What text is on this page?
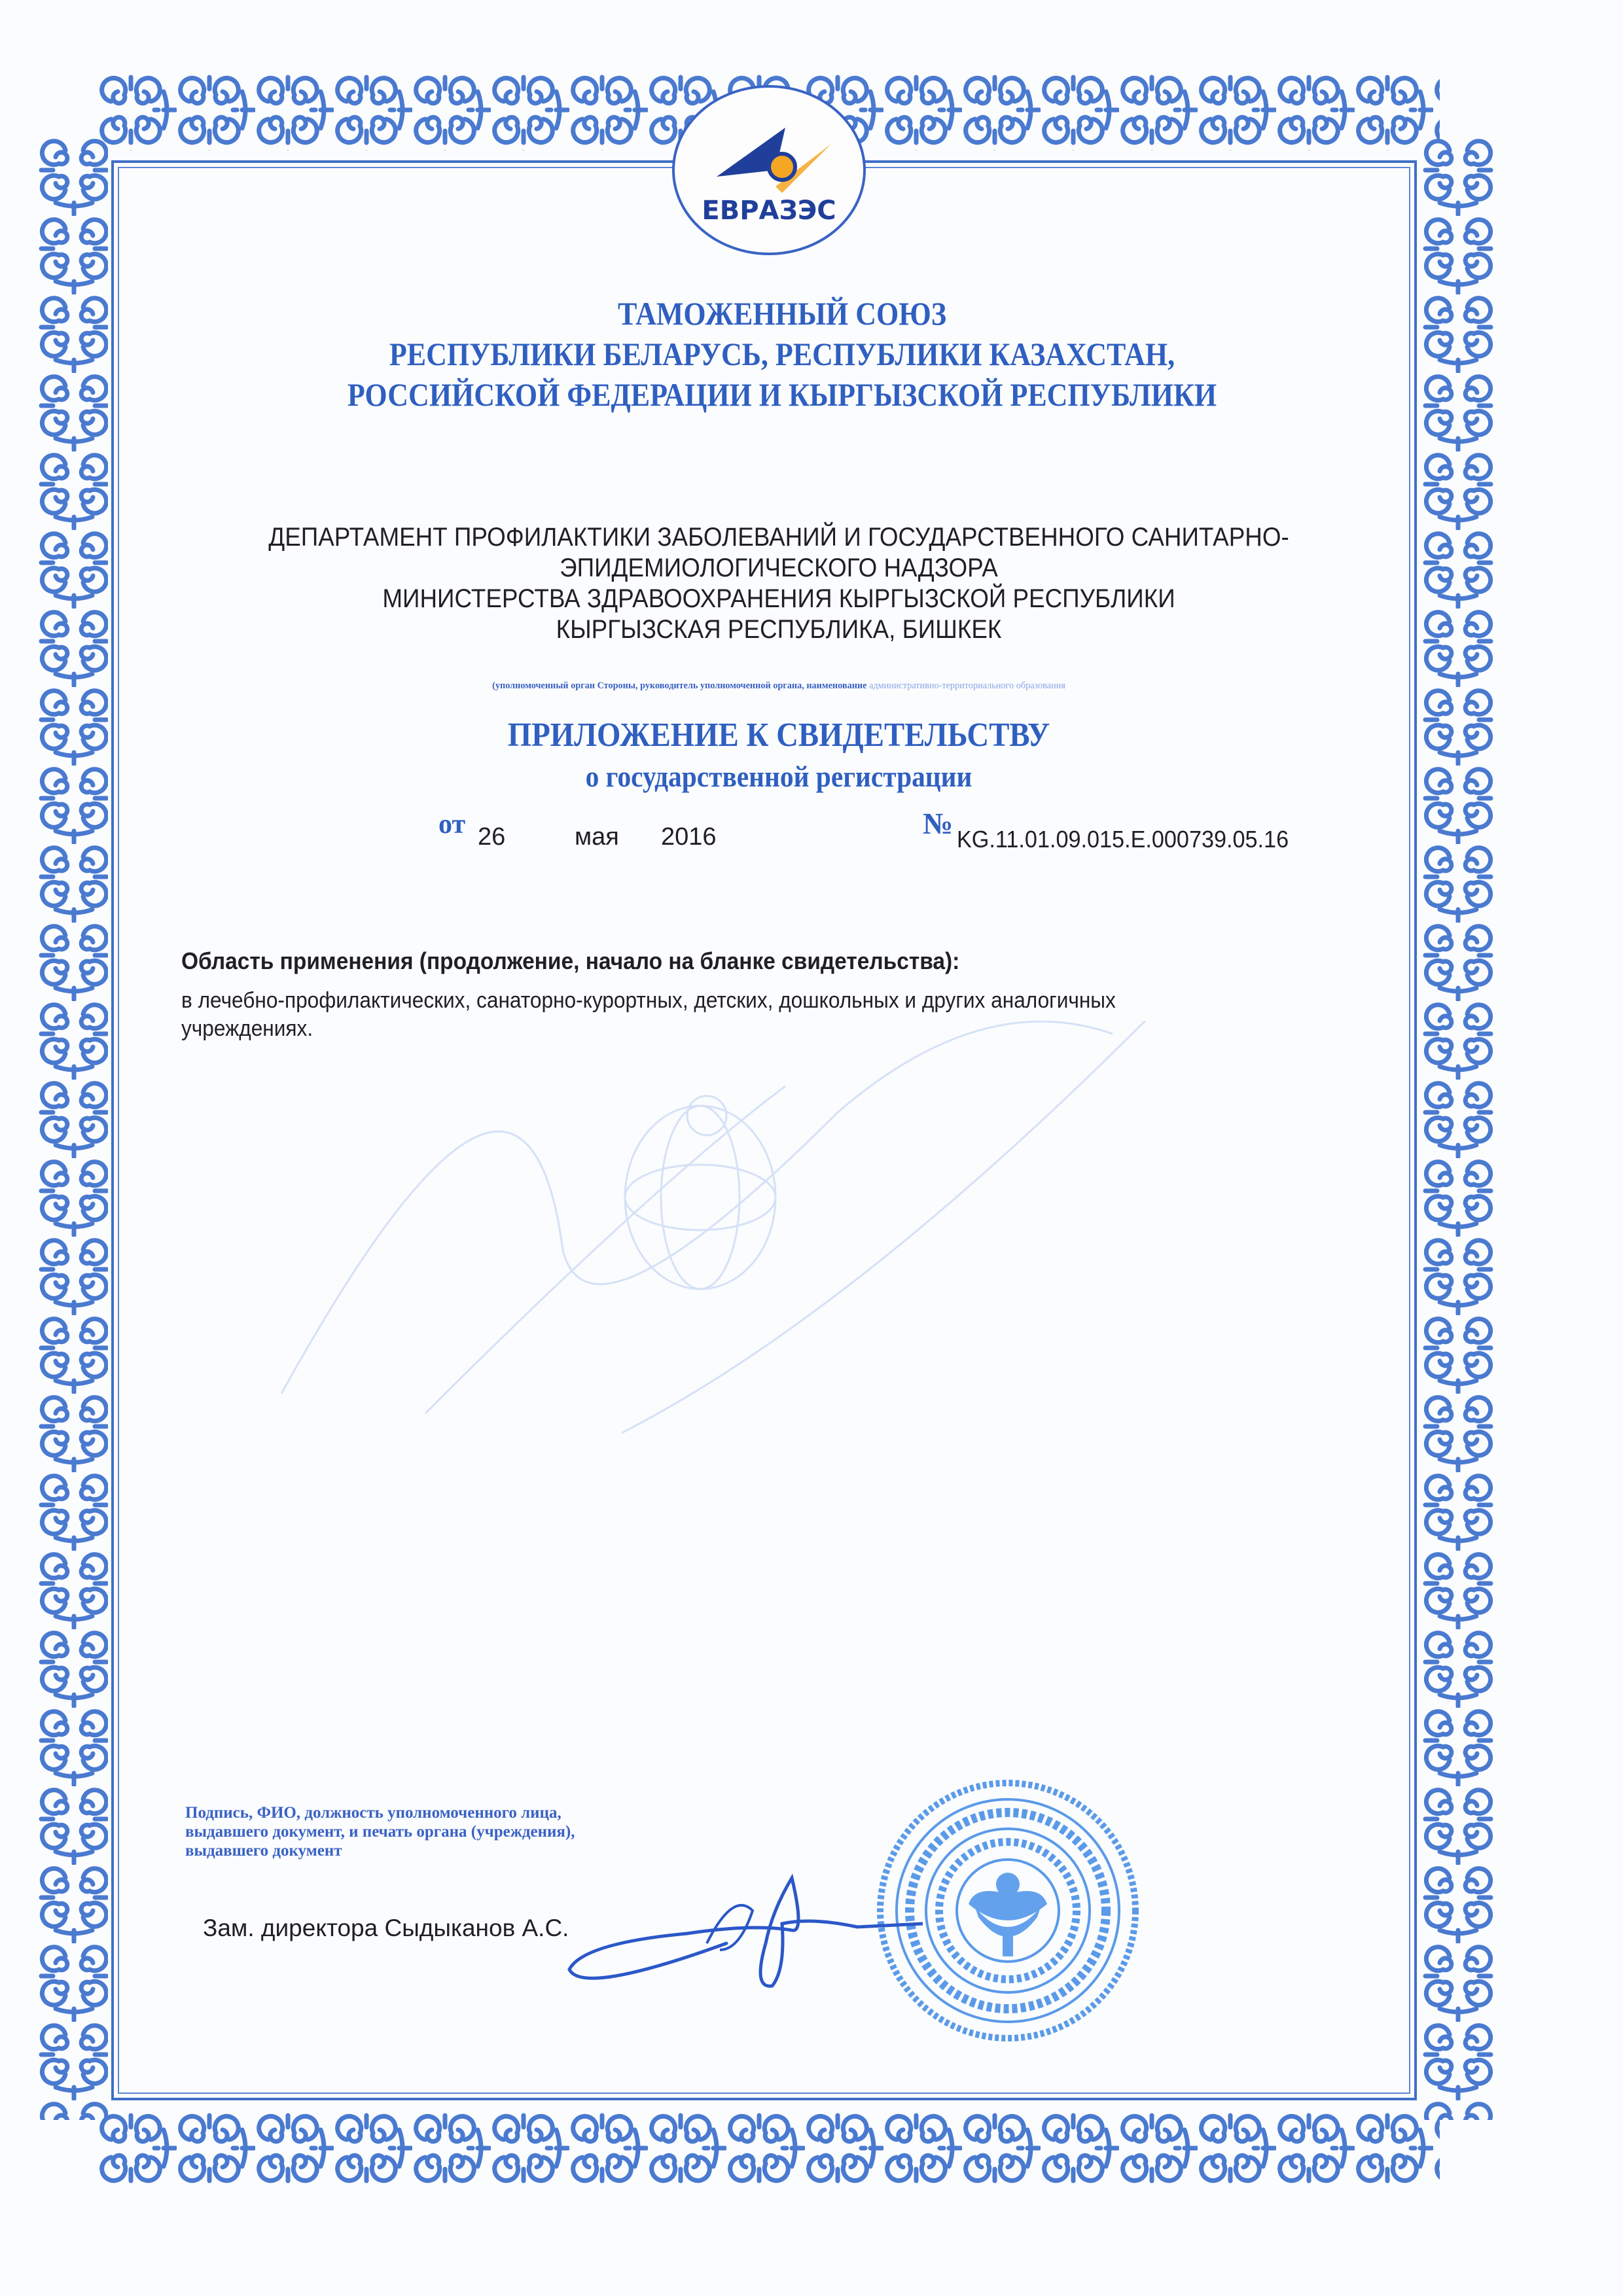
ЕВРАЗЭС
ТАМОЖЕННЫЙ СОЮЗ
РЕСПУБЛИКИ БЕЛАРУСЬ, РЕСПУБЛИКИ КАЗАХСТАН,
РОССИЙСКОЙ ФЕДЕРАЦИИ И КЫРГЫЗСКОЙ РЕСПУБЛИКИ
ДЕПАРТАМЕНТ ПРОФИЛАКТИКИ ЗАБОЛЕВАНИЙ И ГОСУДАРСТВЕННОГО САНИТАРНО-
ЭПИДЕМИОЛОГИЧЕСКОГО НАДЗОРА
МИНИСТЕРСТВА ЗДРАВООХРАНЕНИЯ КЫРГЫЗСКОЙ РЕСПУБЛИКИ
КЫРГЫЗСКАЯ РЕСПУБЛИКА, БИШКЕК
(уполномоченный орган Стороны, руководитель уполномоченной органа, наименование административно-территориального образования
ПРИЛОЖЕНИЕ К СВИДЕТЕЛЬСТВУ
о государственной регистрации
от 26	мая 2016	№ KG.11.01.09.015.E.000739.05.16
Область применения (продолжение, начало на бланке свидетельства):
в лечебно-профилактических, санаторно-курортных, детских, дошкольных и других аналогичных учреждениях.
Подпись, ФИО, должность уполномоченного лица,
выдавшего документ, и печать органа (учреждения),
выдавшего документ
Зам. директора Сыдыканов А.С.
